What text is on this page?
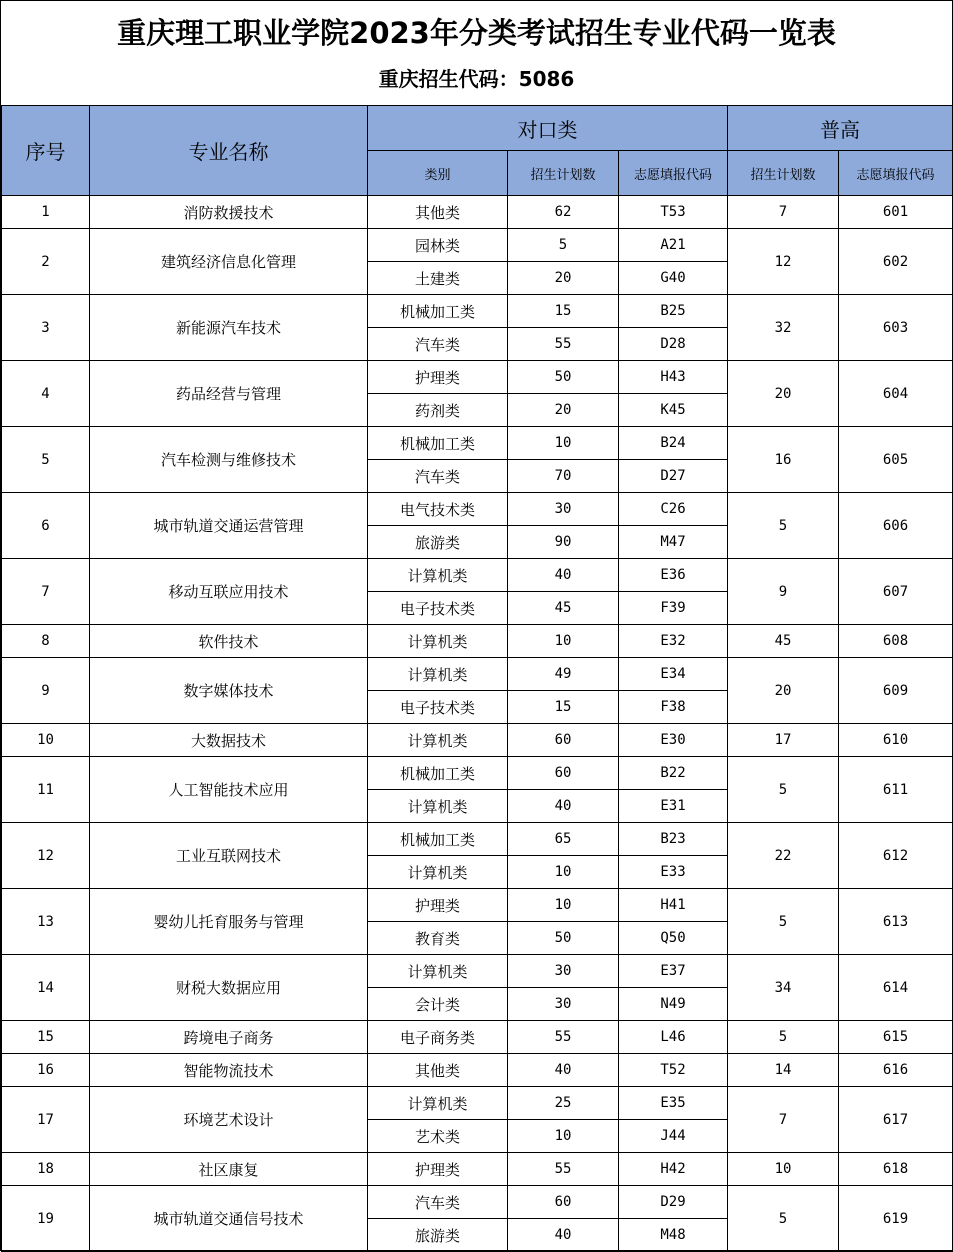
重庆理工职业学院2023年分类考试招生专业代码一览表
重庆招生代码：5086
序号	专业名称	对口类			普高	
		类别	招生计划数	志愿填报代码	招生计划数	志愿填报代码
1	消防救援技术	其他类	62	T53	7	601
2	建筑经济信息化管理	园林类	5	A21	12	602
		土建类	20	G40		
3	新能源汽车技术	机械加工类	15	B25	32	603
		汽车类	55	D28		
4	药品经营与管理	护理类	50	H43	20	604
		药剂类	20	K45		
5	汽车检测与维修技术	机械加工类	10	B24	16	605
		汽车类	70	D27		
6	城市轨道交通运营管理	电气技术类	30	C26	5	606
		旅游类	90	M47		
7	移动互联应用技术	计算机类	40	E36	9	607
		电子技术类	45	F39		
8	软件技术	计算机类	10	E32	45	608
9	数字媒体技术	计算机类	49	E34	20	609
		电子技术类	15	F38		
10	大数据技术	计算机类	60	E30	17	610
11	人工智能技术应用	机械加工类	60	B22	5	611
		计算机类	40	E31		
12	工业互联网技术	机械加工类	65	B23	22	612
		计算机类	10	E33		
13	婴幼儿托育服务与管理	护理类	10	H41	5	613
		教育类	50	Q50		
14	财税大数据应用	计算机类	30	E37	34	614
		会计类	30	N49		
15	跨境电子商务	电子商务类	55	L46	5	615
16	智能物流技术	其他类	40	T52	14	616
17	环境艺术设计	计算机类	25	E35	7	617
		艺术类	10	J44		
18	社区康复	护理类	55	H42	10	618
19	城市轨道交通信号技术	汽车类	60	D29	5	619
		旅游类	40	M48		
